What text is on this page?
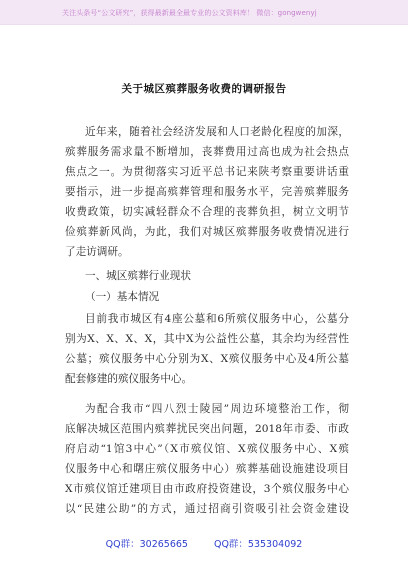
关注头条号“公文研究”，获得最新最全最专业的公文资料库！ 微信：gongwenyj
关于城区殡葬服务收费的调研报告
近年来，随着社会经济发展和人口老龄化程度的加深，
殡葬服务需求量不断增加，丧葬费用过高也成为社会热点
焦点之一。为贯彻落实习近平总书记来陕考察重要讲话重
要指示，进一步提高殡葬管理和服务水平，完善殡葬服务
收费政策，切实减轻群众不合理的丧葬负担，树立文明节
俭殡葬新风尚，为此，我们对城区殡葬服务收费情况进行
了走访调研。
一、城区殡葬行业现状
（一）基本情况
目前我市城区有4座公墓和6所殡仪服务中心，公墓分
别为X、X、X、X，其中X为公益性公墓，其余均为经营性
公墓；殡仪服务中心分别为X、X殡仪服务中心及4所公墓
配套修建的殡仪服务中心。
为配合我市“四八烈士陵园”周边环境整治工作，彻
底解决城区范围内殡葬扰民突出问题，2018年市委、市政
府启动“1馆3中心”（X市殡仪馆、X殡仪服务中心、X殡
仪服务中心和曙庄殡仪服务中心）殡葬基础设施建设项目
X市殡仪馆迁建项目由市政府投资建设，3个殡仪服务中心
以“民建公助”的方式，通过招商引资吸引社会资金建设
QQ群：30265665	QQ群：535304092
